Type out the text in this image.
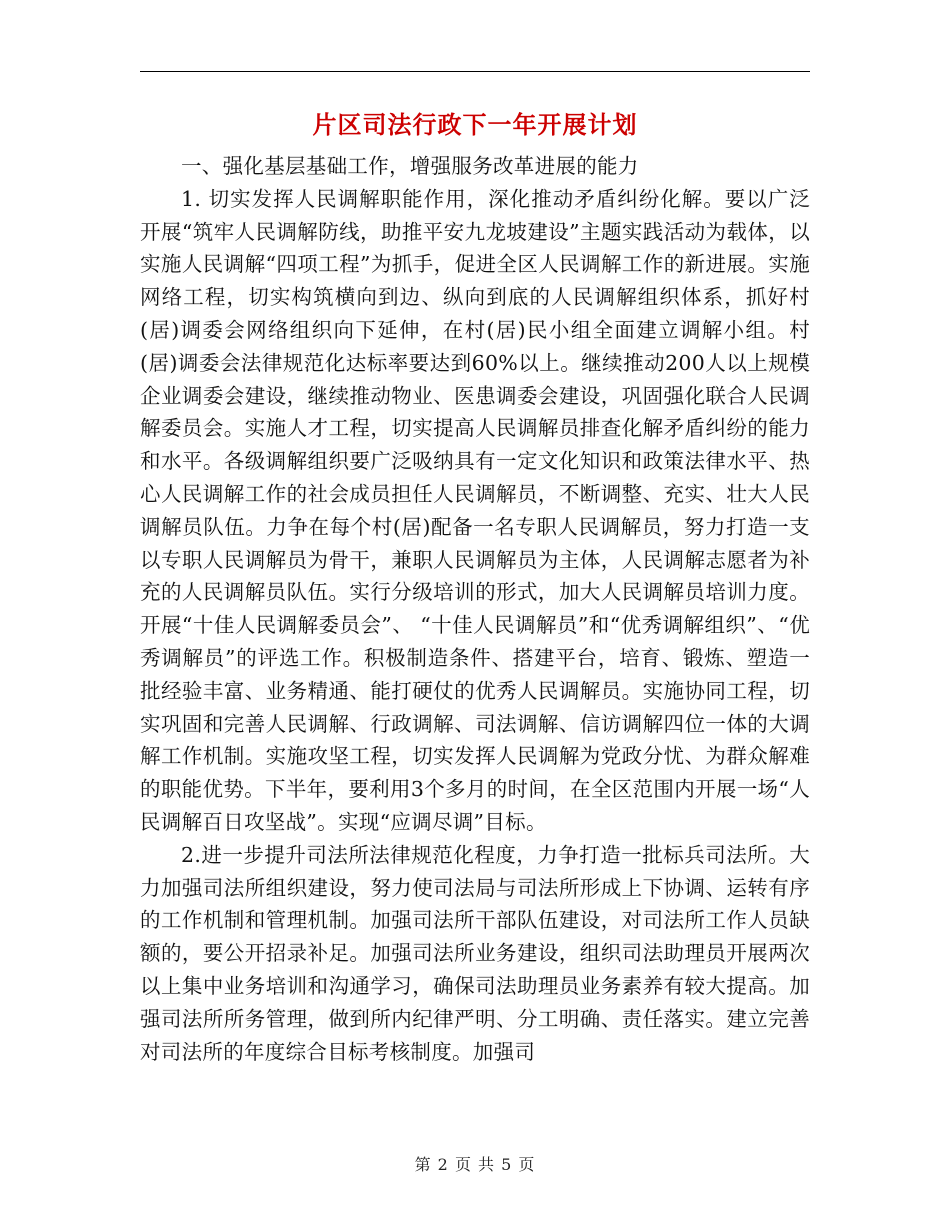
片区司法行政下一年开展计划

一、强化基层基础工作，增强服务改革进展的能力

1. 切实发挥人民调解职能作用，深化推动矛盾纠纷化解。要以广泛开展“筑牢人民调解防线，助推平安九龙坡建设”主题实践活动为载体，以实施人民调解“四项工程”为抓手，促进全区人民调解工作的新进展。实施网络工程，切实构筑横向到边、纵向到底的人民调解组织体系，抓好村(居)调委会网络组织向下延伸，在村(居)民小组全面建立调解小组。村(居)调委会法律规范化达标率要达到60%以上。继续推动200人以上规模企业调委会建设，继续推动物业、医患调委会建设，巩固强化联合人民调解委员会。实施人才工程，切实提高人民调解员排查化解矛盾纠纷的能力和水平。各级调解组织要广泛吸纳具有一定文化知识和政策法律水平、热心人民调解工作的社会成员担任人民调解员，不断调整、充实、壮大人民调解员队伍。力争在每个村(居)配备一名专职人民调解员，努力打造一支以专职人民调解员为骨干，兼职人民调解员为主体，人民调解志愿者为补充的人民调解员队伍。实行分级培训的形式，加大人民调解员培训力度。开展“十佳人民调解委员会”、 “十佳人民调解员”和“优秀调解组织”、“优秀调解员”的评选工作。积极制造条件、搭建平台，培育、锻炼、塑造一批经验丰富、业务精通、能打硬仗的优秀人民调解员。实施协同工程，切实巩固和完善人民调解、行政调解、司法调解、信访调解四位一体的大调解工作机制。实施攻坚工程，切实发挥人民调解为党政分忧、为群众解难的职能优势。下半年，要利用3个多月的时间，在全区范围内开展一场“人民调解百日攻坚战”。实现“应调尽调”目标。

2.进一步提升司法所法律规范化程度，力争打造一批标兵司法所。大力加强司法所组织建设，努力使司法局与司法所形成上下协调、运转有序的工作机制和管理机制。加强司法所干部队伍建设，对司法所工作人员缺额的，要公开招录补足。加强司法所业务建设，组织司法助理员开展两次以上集中业务培训和沟通学习，确保司法助理员业务素养有较大提高。加强司法所所务管理，做到所内纪律严明、分工明确、责任落实。建立完善对司法所的年度综合目标考核制度。加强司

第 2 页 共 5 页
